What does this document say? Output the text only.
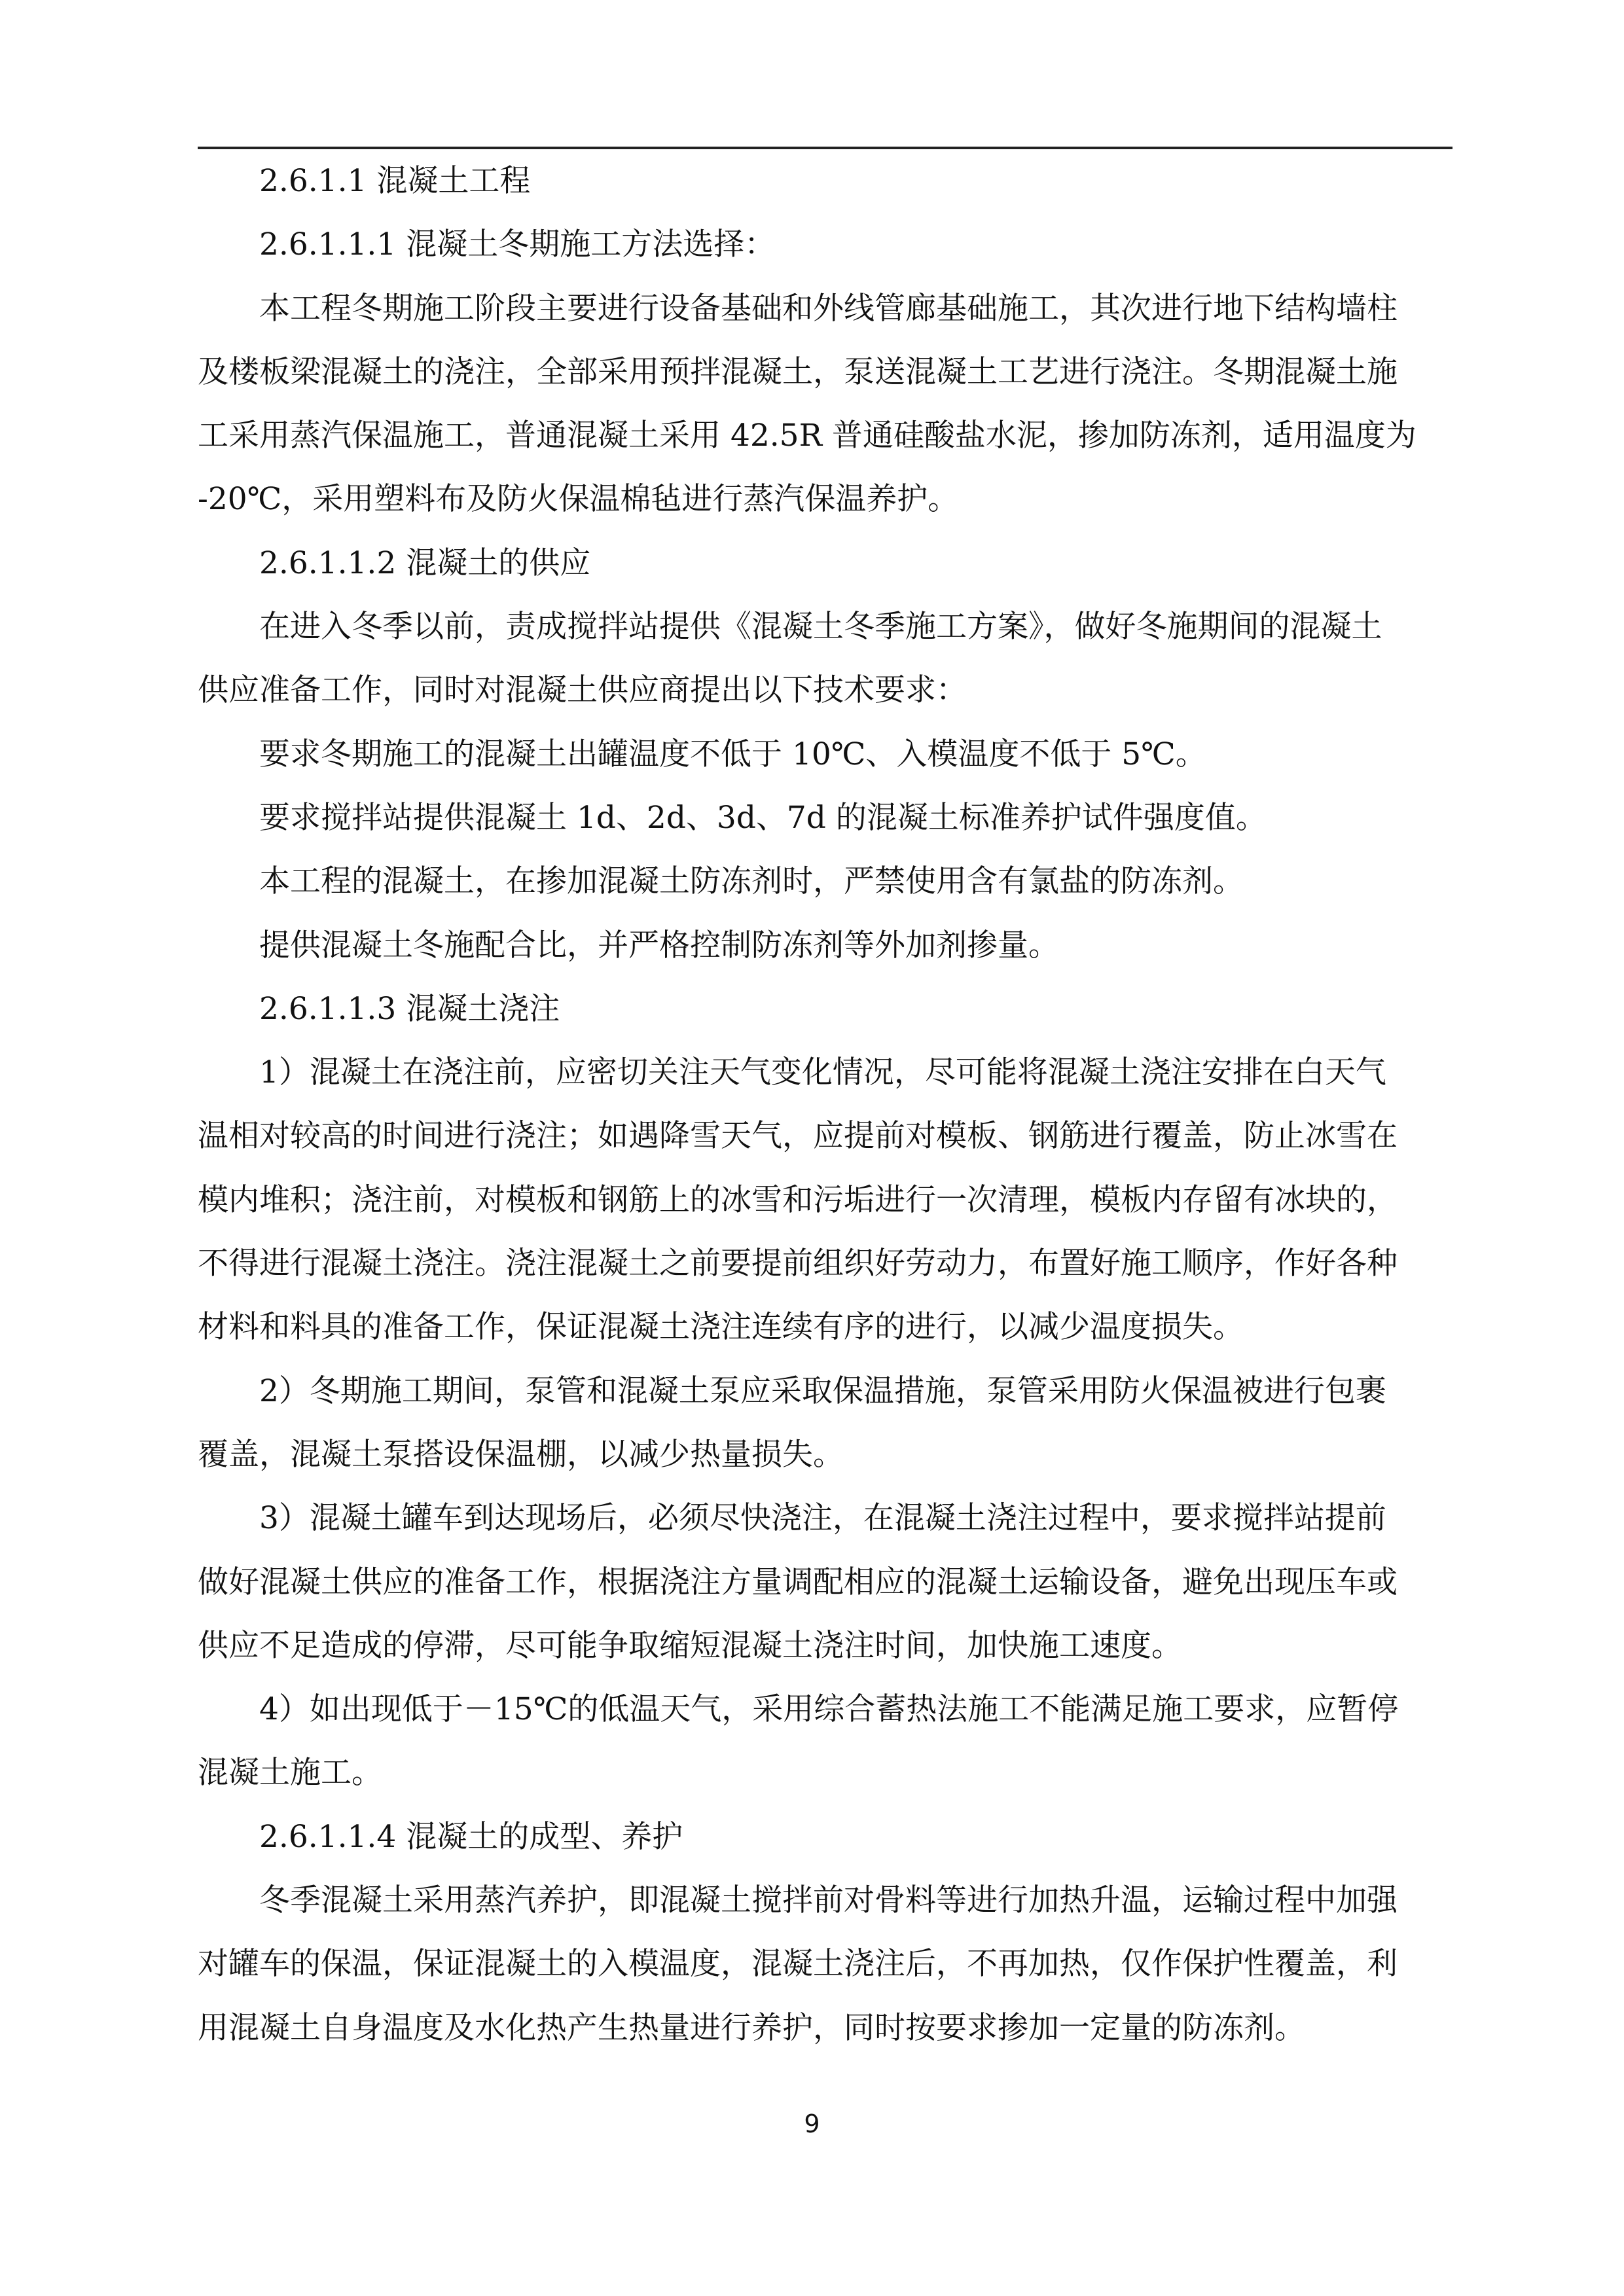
2.6.1.1 混凝土工程
2.6.1.1.1 混凝土冬期施工方法选择：
本工程冬期施工阶段主要进行设备基础和外线管廊基础施工，其次进行地下结构墙柱
及楼板梁混凝土的浇注，全部采用预拌混凝土，泵送混凝土工艺进行浇注。冬期混凝土施
工采用蒸汽保温施工，普通混凝土采用 42.5R 普通硅酸盐水泥，掺加防冻剂，适用温度为
-20℃，采用塑料布及防火保温棉毡进行蒸汽保温养护。
2.6.1.1.2 混凝土的供应
在进入冬季以前，责成搅拌站提供《混凝土冬季施工方案》，做好冬施期间的混凝土
供应准备工作，同时对混凝土供应商提出以下技术要求：
要求冬期施工的混凝土出罐温度不低于 10℃、入模温度不低于 5℃。
要求搅拌站提供混凝土 1d、2d、3d、7d 的混凝土标准养护试件强度值。
本工程的混凝土，在掺加混凝土防冻剂时，严禁使用含有氯盐的防冻剂。
提供混凝土冬施配合比，并严格控制防冻剂等外加剂掺量。
2.6.1.1.3 混凝土浇注
1）混凝土在浇注前，应密切关注天气变化情况，尽可能将混凝土浇注安排在白天气
温相对较高的时间进行浇注；如遇降雪天气，应提前对模板、钢筋进行覆盖，防止冰雪在
模内堆积；浇注前，对模板和钢筋上的冰雪和污垢进行一次清理，模板内存留有冰块的，
不得进行混凝土浇注。浇注混凝土之前要提前组织好劳动力，布置好施工顺序，作好各种
材料和料具的准备工作，保证混凝土浇注连续有序的进行，以减少温度损失。
2）冬期施工期间，泵管和混凝土泵应采取保温措施，泵管采用防火保温被进行包裹
覆盖，混凝土泵搭设保温棚，以减少热量损失。
3）混凝土罐车到达现场后，必须尽快浇注，在混凝土浇注过程中，要求搅拌站提前
做好混凝土供应的准备工作，根据浇注方量调配相应的混凝土运输设备，避免出现压车或
供应不足造成的停滞，尽可能争取缩短混凝土浇注时间，加快施工速度。
4）如出现低于－15℃的低温天气，采用综合蓄热法施工不能满足施工要求，应暂停
混凝土施工。
2.6.1.1.4 混凝土的成型、养护
冬季混凝土采用蒸汽养护，即混凝土搅拌前对骨料等进行加热升温，运输过程中加强
对罐车的保温，保证混凝土的入模温度，混凝土浇注后，不再加热，仅作保护性覆盖，利
用混凝土自身温度及水化热产生热量进行养护，同时按要求掺加一定量的防冻剂。
9
